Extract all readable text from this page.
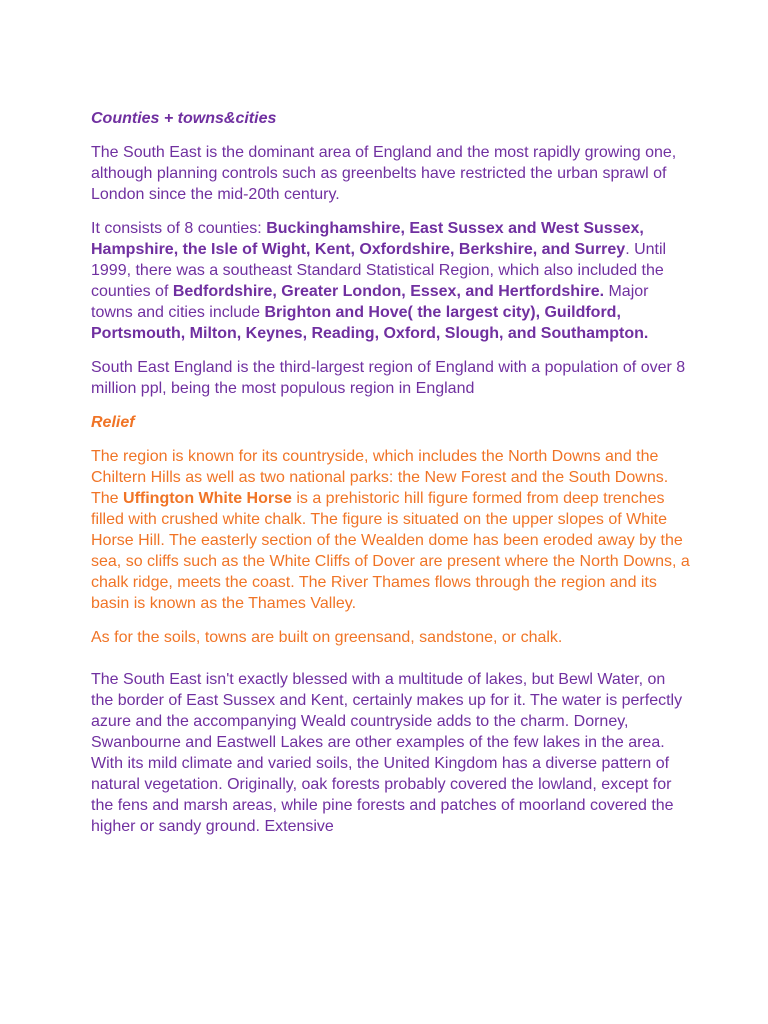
Counties + towns&cities

The South East is the dominant area of England and the most rapidly growing one, although planning controls such as greenbelts have restricted the urban sprawl of London since the mid-20th century.

It consists of 8 counties: Buckinghamshire, East Sussex and West Sussex, Hampshire, the Isle of Wight, Kent, Oxfordshire, Berkshire, and Surrey. Until 1999, there was a southeast Standard Statistical Region, which also included the counties of Bedfordshire, Greater London, Essex, and Hertfordshire. Major towns and cities include Brighton and Hove( the largest city), Guildford, Portsmouth, Milton, Keynes, Reading, Oxford, Slough, and Southampton.

South East England is the third-largest region of England with a population of over 8 million ppl, being the most populous region in England

Relief

The region is known for its countryside, which includes the North Downs and the Chiltern Hills as well as two national parks: the New Forest and the South Downs. The Uffington White Horse is a prehistoric hill figure formed from deep trenches filled with crushed white chalk. The figure is situated on the upper slopes of White Horse Hill. The easterly section of the Wealden dome has been eroded away by the sea, so cliffs such as the White Cliffs of Dover are present where the North Downs, a chalk ridge, meets the coast. The River Thames flows through the region and its basin is known as the Thames Valley.

As for the soils, towns are built on greensand, sandstone, or chalk.

The South East isn't exactly blessed with a multitude of lakes, but Bewl Water, on the border of East Sussex and Kent, certainly makes up for it. The water is perfectly azure and the accompanying Weald countryside adds to the charm. Dorney, Swanbourne and Eastwell Lakes are other examples of the few lakes in the area.

With its mild climate and varied soils, the United Kingdom has a diverse pattern of natural vegetation. Originally, oak forests probably covered the lowland, except for the fens and marsh areas, while pine forests and patches of moorland covered the higher or sandy ground. Extensive
